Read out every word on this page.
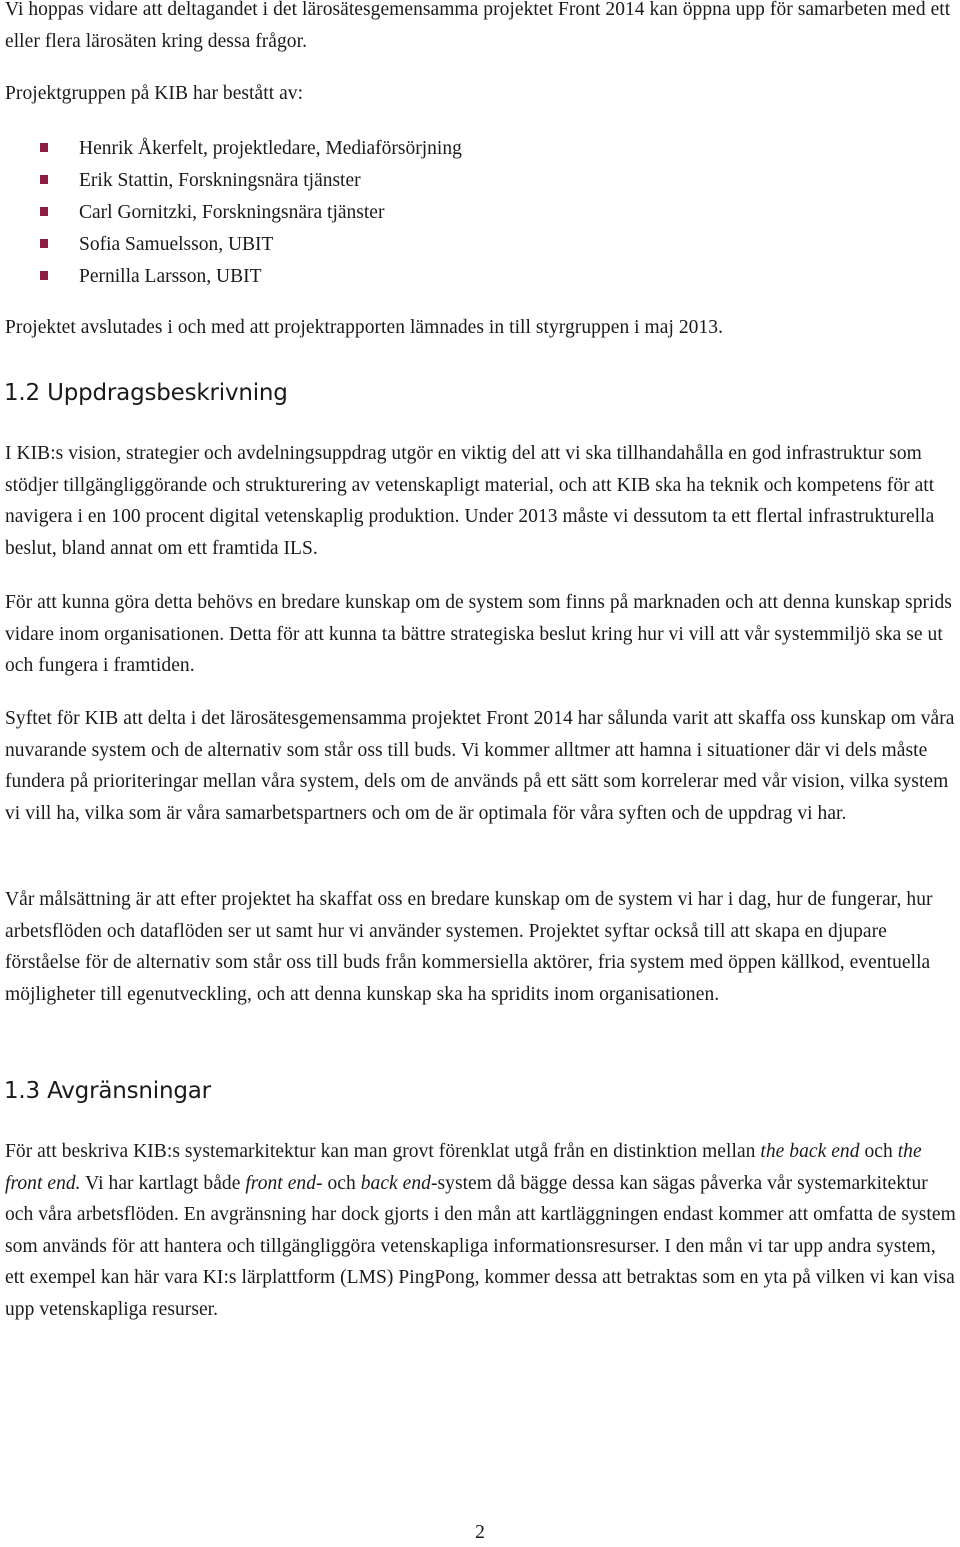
Vi hoppas vidare att deltagandet i det lärosätesgemensamma projektet Front 2014 kan öppna upp för samarbeten med ett eller flera lärosäten kring dessa frågor.

Projektgruppen på KIB har bestått av:

Henrik Åkerfelt, projektledare, Mediaförsörjning
Erik Stattin, Forskningsnära tjänster
Carl Gornitzki, Forskningsnära tjänster
Sofia Samuelsson, UBIT
Pernilla Larsson, UBIT

Projektet avslutades i och med att projektrapporten lämnades in till styrgruppen i maj 2013.

1.2 Uppdragsbeskrivning

I KIB:s vision, strategier och avdelningsuppdrag utgör en viktig del att vi ska tillhandahålla en god infrastruktur som stödjer tillgängliggörande och strukturering av vetenskapligt material, och att KIB ska ha teknik och kompetens för att navigera i en 100 procent digital vetenskaplig produktion. Under 2013 måste vi dessutom ta ett flertal infrastrukturella beslut, bland annat om ett framtida ILS.

För att kunna göra detta behövs en bredare kunskap om de system som finns på marknaden och att denna kunskap sprids vidare inom organisationen. Detta för att kunna ta bättre strategiska beslut kring hur vi vill att vår systemmiljö ska se ut och fungera i framtiden.

Syftet för KIB att delta i det lärosätesgemensamma projektet Front 2014 har sålunda varit att skaffa oss kunskap om våra nuvarande system och de alternativ som står oss till buds. Vi kommer alltmer att hamna i situationer där vi dels måste fundera på prioriteringar mellan våra system, dels om de används på ett sätt som korrelerar med vår vision, vilka system vi vill ha, vilka som är våra samarbetspartners och om de är optimala för våra syften och de uppdrag vi har.

Vår målsättning är att efter projektet ha skaffat oss en bredare kunskap om de system vi har i dag, hur de fungerar, hur arbetsflöden och dataflöden ser ut samt hur vi använder systemen. Projektet syftar också till att skapa en djupare förståelse för de alternativ som står oss till buds från kommersiella aktörer, fria system med öppen källkod, eventuella möjligheter till egenutveckling, och att denna kunskap ska ha spridits inom organisationen.

1.3 Avgränsningar

För att beskriva KIB:s systemarkitektur kan man grovt förenklat utgå från en distinktion mellan the back end och the front end. Vi har kartlagt både front end- och back end-system då bägge dessa kan sägas påverka vår systemarkitektur och våra arbetsflöden. En avgränsning har dock gjorts i den mån att kartläggningen endast kommer att omfatta de system som används för att hantera och tillgängliggöra vetenskapliga informationsresurser. I den mån vi tar upp andra system, ett exempel kan här vara KI:s lärplattform (LMS) PingPong, kommer dessa att betraktas som en yta på vilken vi kan visa upp vetenskapliga resurser.

2
